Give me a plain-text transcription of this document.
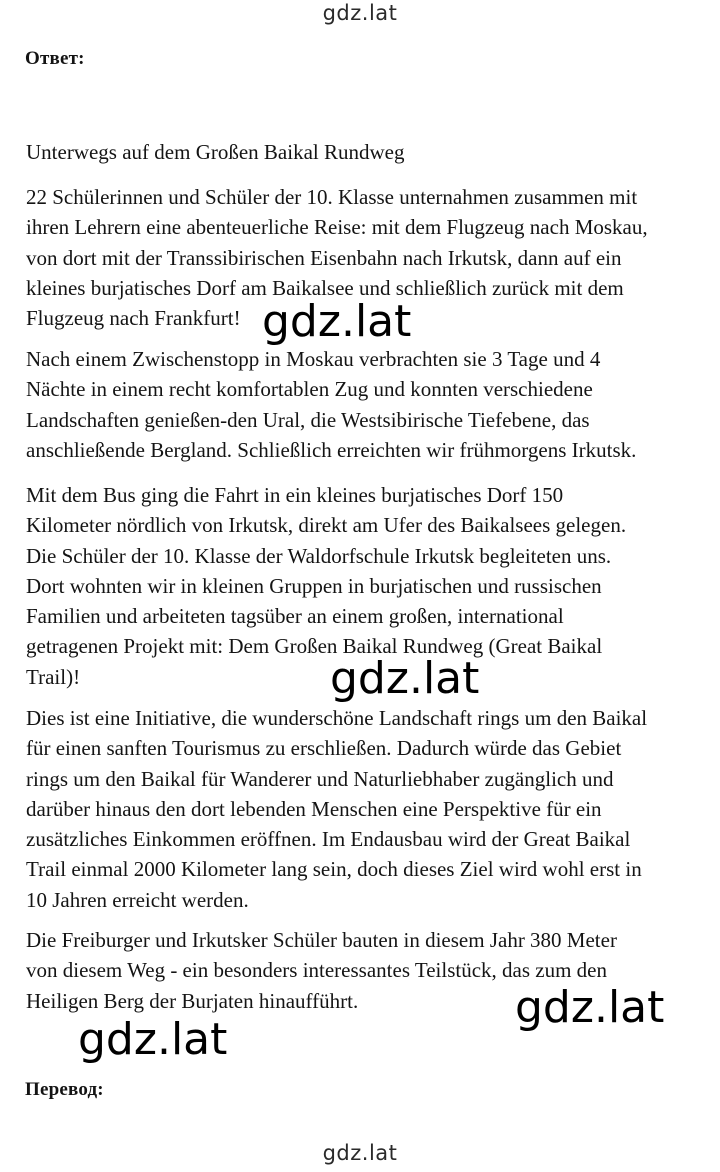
gdz.lat
Ответ:
Unterwegs auf dem Großen Baikal Rundweg

22 Schülerinnen und Schüler der 10. Klasse unternahmen zusammen mit
ihren Lehrern eine abenteuerliche Reise: mit dem Flugzeug nach Moskau,
von dort mit der Transsibirischen Eisenbahn nach Irkutsk, dann auf ein
kleines burjatisches Dorf am Baikalsee und schließlich zurück mit dem
Flugzeug nach Frankfurt!

Nach einem Zwischenstopp in Moskau verbrachten sie 3 Tage und 4
Nächte in einem recht komfortablen Zug und konnten verschiedene
Landschaften genießen-den Ural, die Westsibirische Tiefebene, das
anschließende Bergland. Schließlich erreichten wir frühmorgens Irkutsk.

Mit dem Bus ging die Fahrt in ein kleines burjatisches Dorf 150
Kilometer nördlich von Irkutsk, direkt am Ufer des Baikalsees gelegen.
Die Schüler der 10. Klasse der Waldorfschule Irkutsk begleiteten uns.
Dort wohnten wir in kleinen Gruppen in burjatischen und russischen
Familien und arbeiteten tagsüber an einem großen, international
getragenen Projekt mit: Dem Großen Baikal Rundweg (Great Baikal
Trail)!

Dies ist eine Initiative, die wunderschöne Landschaft rings um den Baikal
für einen sanften Tourismus zu erschließen. Dadurch würde das Gebiet
rings um den Baikal für Wanderer und Naturliebhaber zugänglich und
darüber hinaus den dort lebenden Menschen eine Perspektive für ein
zusätzliches Einkommen eröffnen. Im Endausbau wird der Great Baikal
Trail einmal 2000 Kilometer lang sein, doch dieses Ziel wird wohl erst in
10 Jahren erreicht werden.

Die Freiburger und Irkutsker Schüler bauten in diesem Jahr 380 Meter
von diesem Weg - ein besonders interessantes Teilstück, das zum den
Heiligen Berg der Burjaten hinaufführt.

Перевод:
gdz.lat
gdz.lat
gdz.lat
gdz.lat
gdz.lat
